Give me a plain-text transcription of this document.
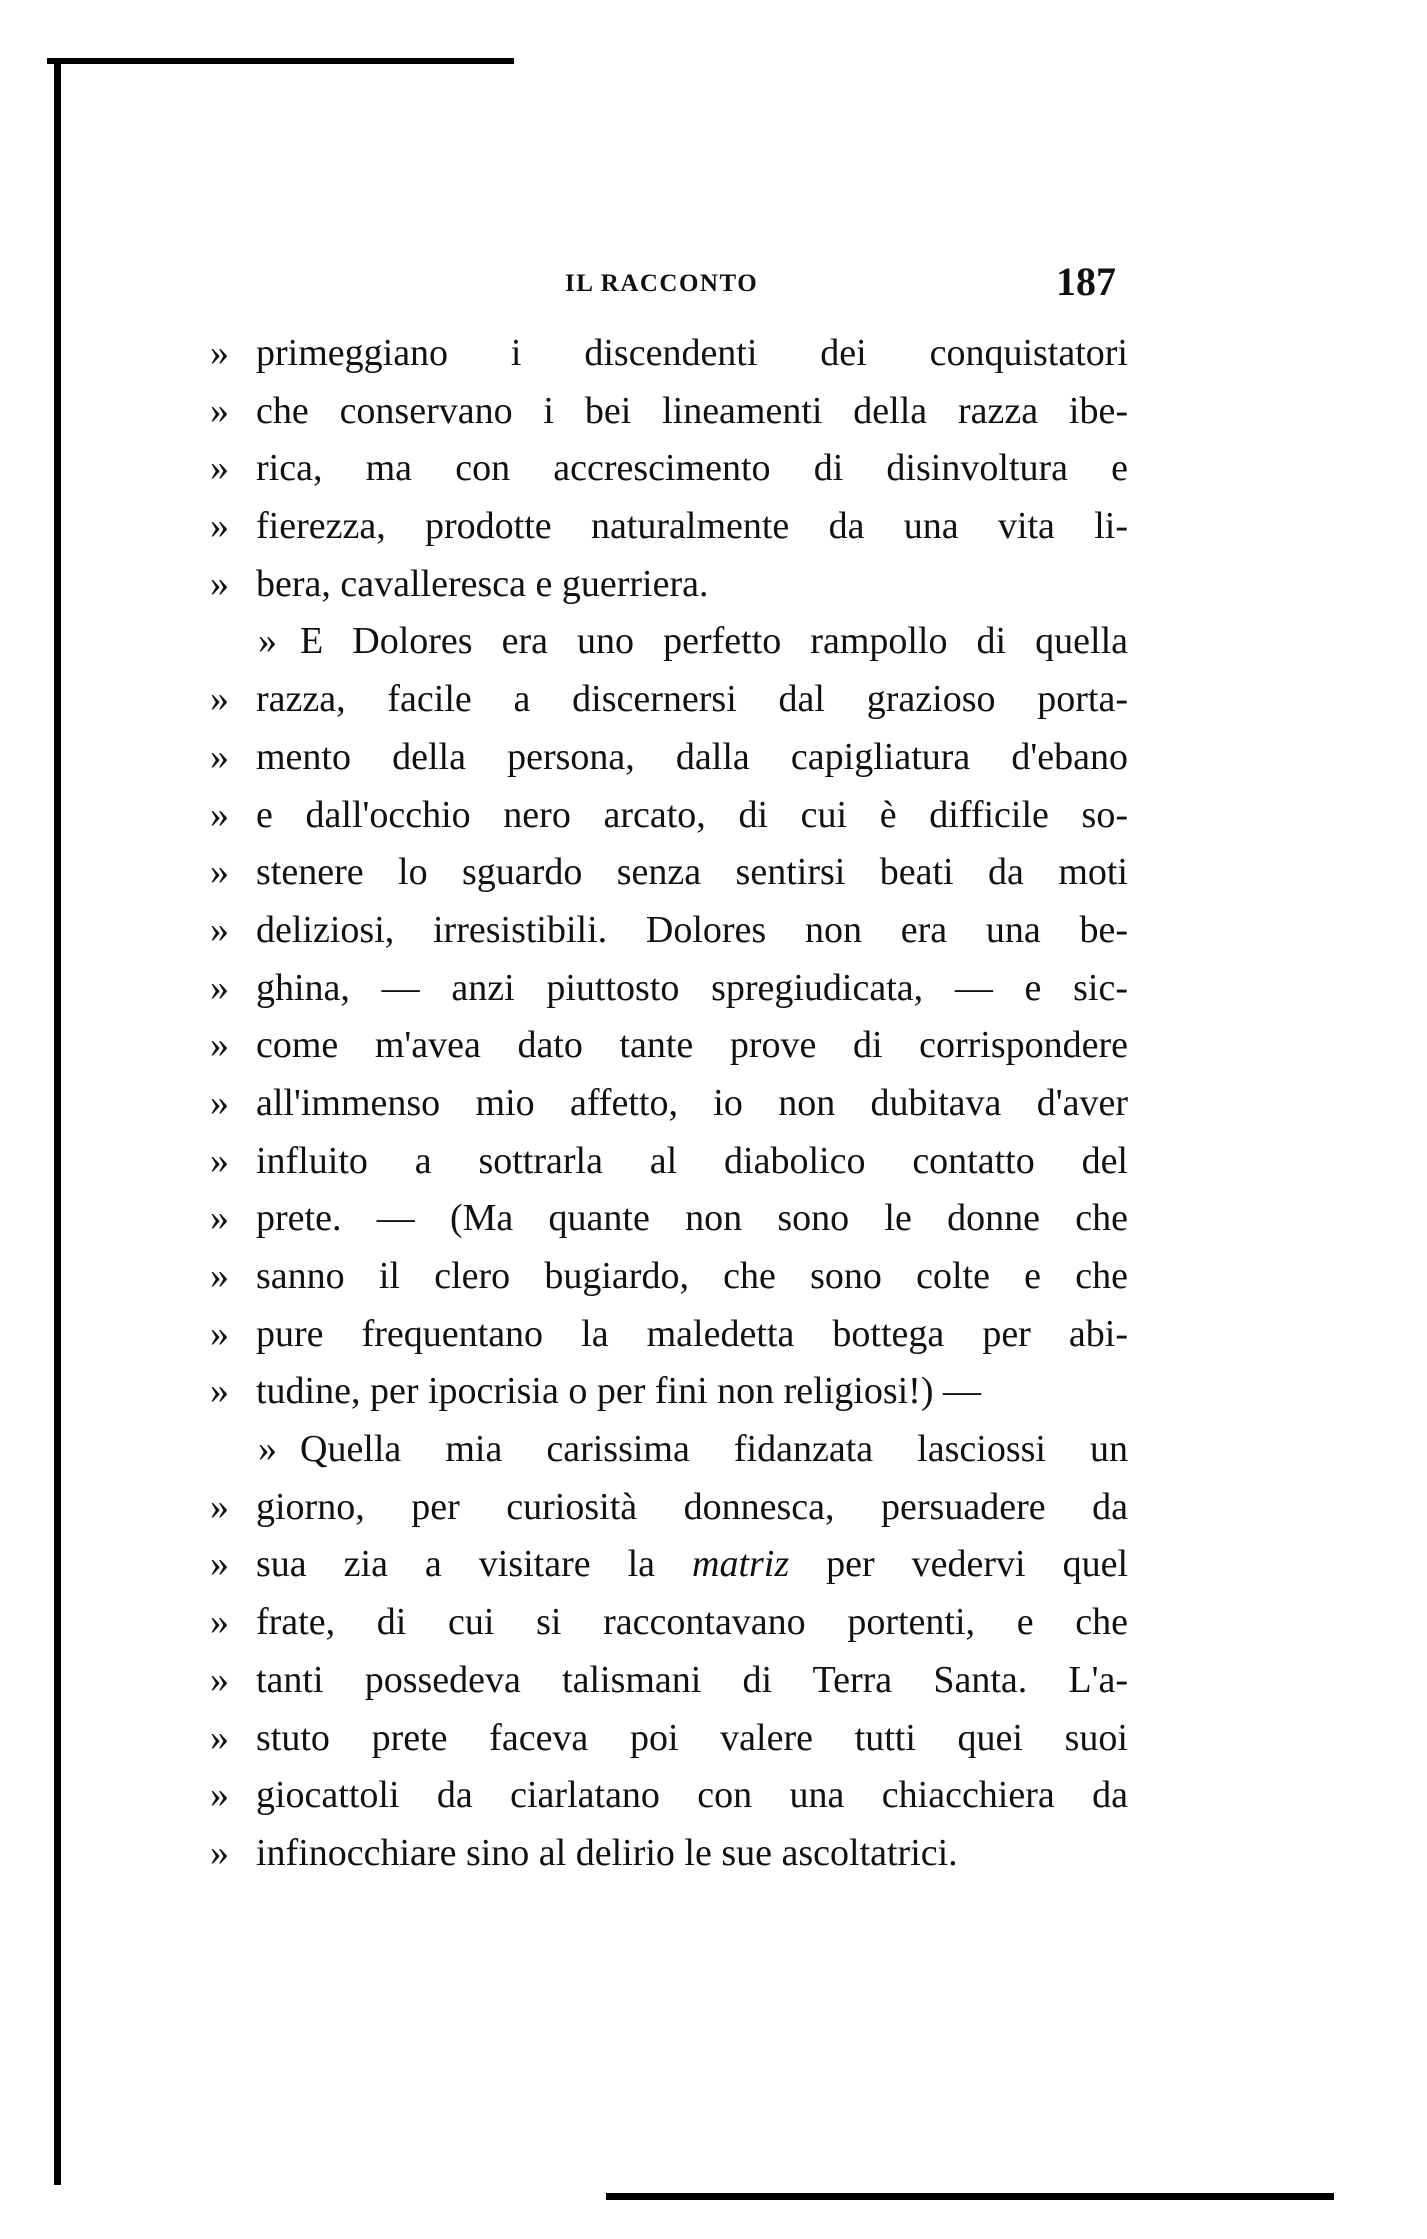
IL RACCONTO	187
» primeggiano i discendenti dei conquistatori
» che conservano i bei lineamenti della razza ibe-
» rica, ma con accrescimento di disinvoltura e
» fierezza, prodotte naturalmente da una vita li-
» bera, cavalleresca e guerriera.
» E Dolores era uno perfetto rampollo di quella
» razza, facile a discernersi dal grazioso porta-
» mento della persona, dalla capigliatura d'ebano
» e dall'occhio nero arcato, di cui è difficile so-
» stenere lo sguardo senza sentirsi beati da moti
» deliziosi, irresistibili. Dolores non era una be-
» ghina, — anzi piuttosto spregiudicata, — e sic-
» come m'avea dato tante prove di corrispondere
» all'immenso mio affetto, io non dubitava d'aver
» influito a sottrarla al diabolico contatto del
» prete. — (Ma quante non sono le donne che
» sanno il clero bugiardo, che sono colte e che
» pure frequentano la maledetta bottega per abi-
» tudine, per ipocrisia o per fini non religiosi!) —
» Quella mia carissima fidanzata lasciossi un
» giorno, per curiosità donnesca, persuadere da
» sua zia a visitare la matriz per vedervi quel
» frate, di cui si raccontavano portenti, e che
» tanti possedeva talismani di Terra Santa. L'a-
» stuto prete faceva poi valere tutti quei suoi
» giocattoli da ciarlatano con una chiacchiera da
» infinocchiare sino al delirio le sue ascoltatrici.
